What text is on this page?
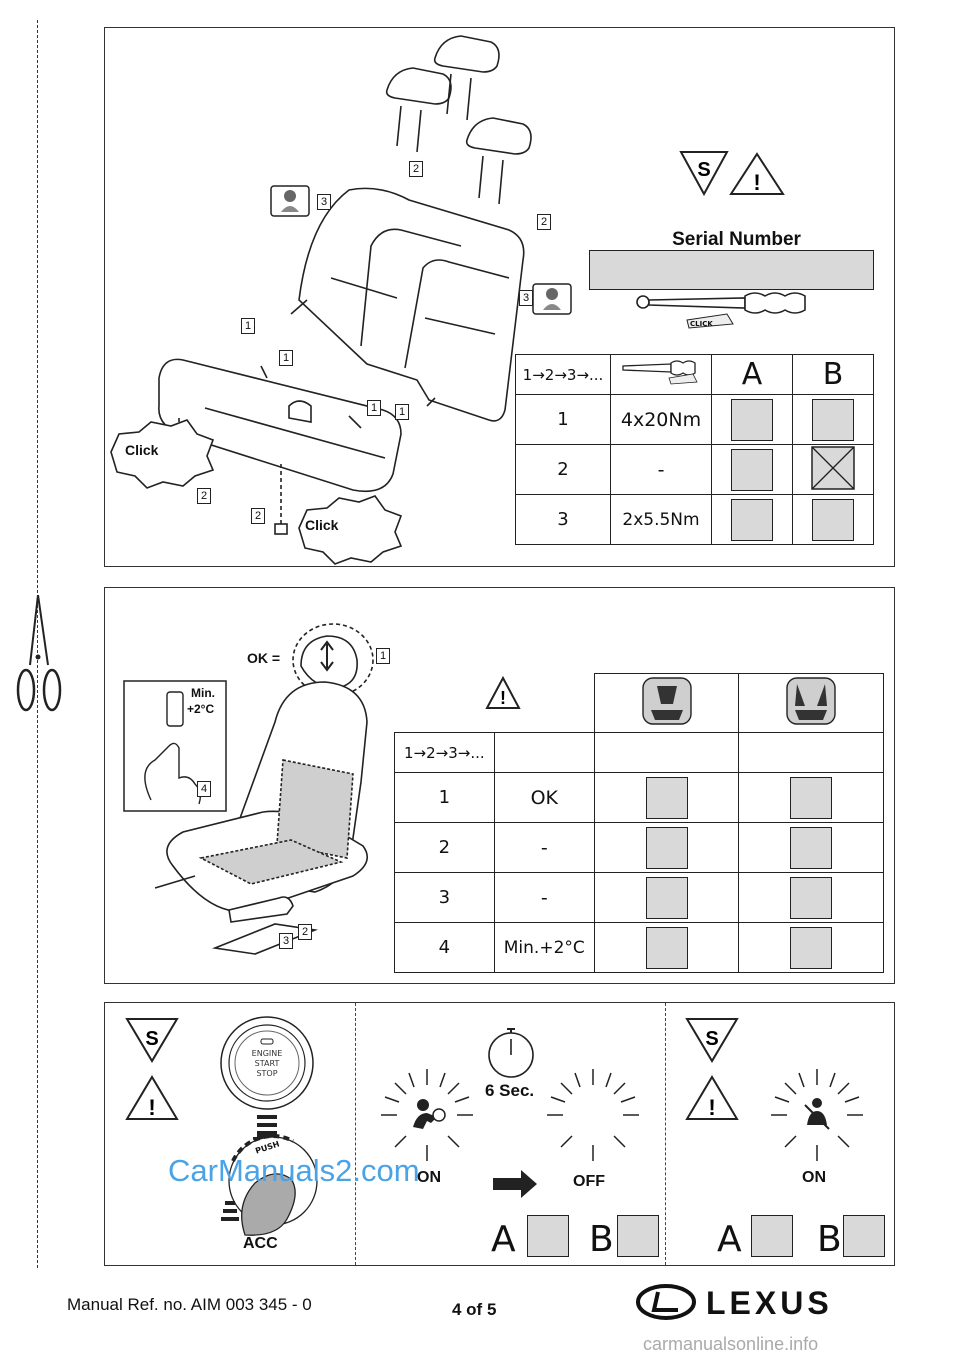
Click
Click
2
3
2
3
1
1
1	1
2
2
S !
Serial Number
CLICK
1→2→3→...		A	B
1	4x20Nm		
2	-		
3	2x5.5Nm		
Min.
+2°C
OK =	1
4
3
2
!

1→2→3→...			
1	OK		
2	-		
3	-		
4	Min.+2°C		
S
!
ENGINE
START
STOP
PUSH
ACC
6 Sec.
ON	OFF
A B
S
!
ON
A B
CarManuals2.com
Manual Ref. no. AIM 003 345 - 0	4 of 5	LEXUS
carmanualsonline.info
